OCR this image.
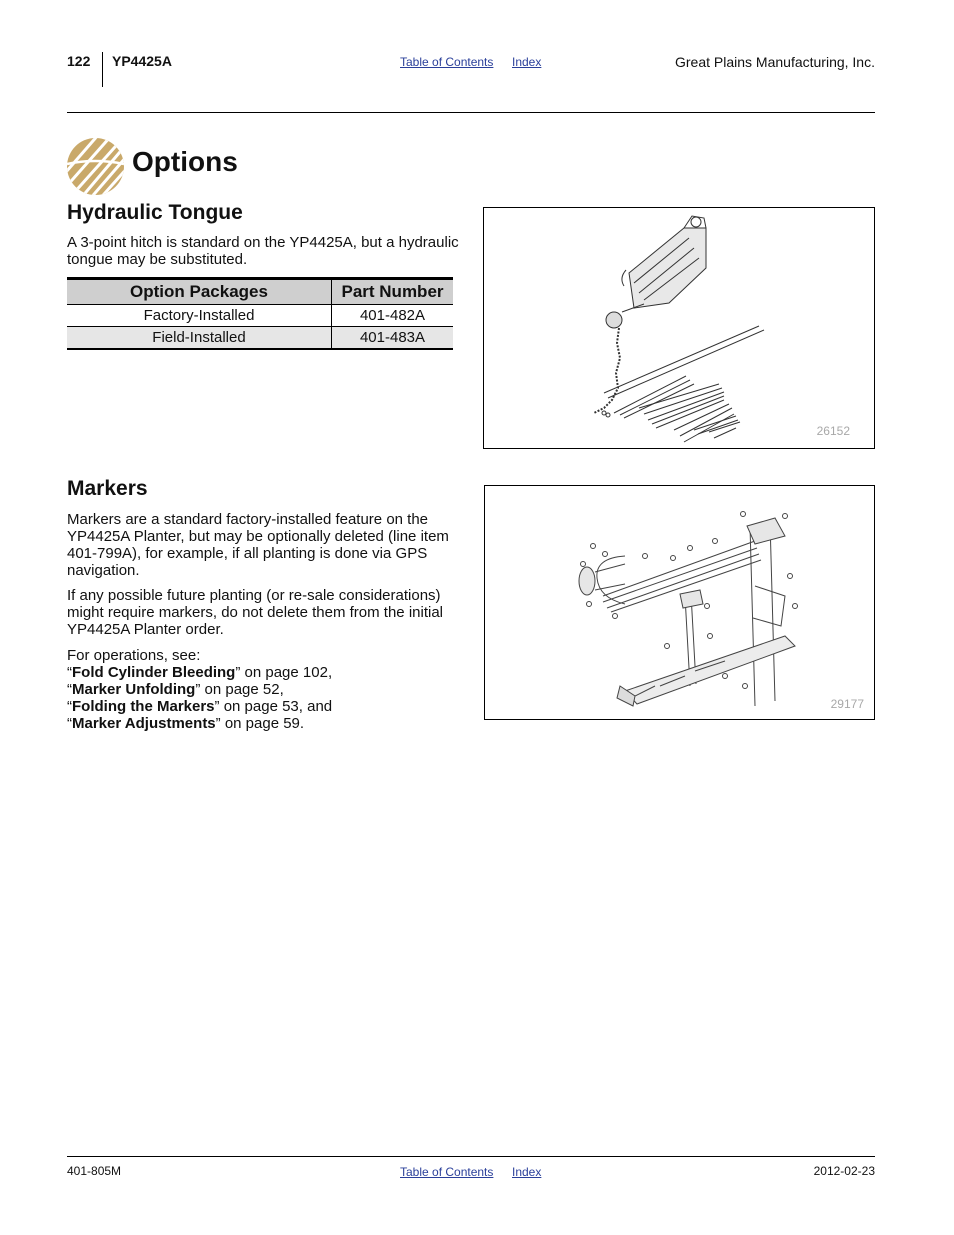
122 YP4425A	Table of Contents Index	Great Plains Manufacturing, Inc.
Options
Hydraulic Tongue

A 3-point hitch is standard on the YP4425A, but a hydraulic tongue may be substituted.

Option Packages	Part Number
Factory-Installed	401-482A
Field-Installed	401-483A
26152
Markers

Markers are a standard factory-installed feature on the YP4425A Planter, but may be optionally deleted (line item 401-799A), for example, if all planting is done via GPS navigation.

If any possible future planting (or re-sale considerations) might require markers, do not delete them from the initial YP4425A Planter order.

For operations, see:
“Fold Cylinder Bleeding” on page 102,
“Marker Unfolding” on page 52,
“Folding the Markers” on page 53, and
“Marker Adjustments” on page 59.
29177
401-805M	Table of Contents Index	2012-02-23
